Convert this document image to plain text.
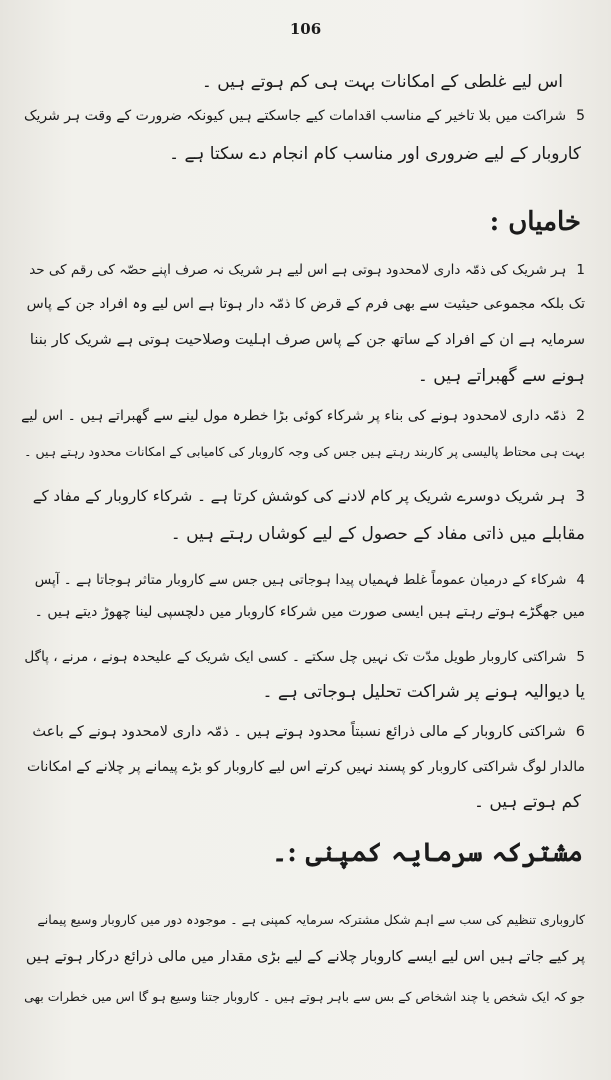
106
اس لیے غلطی کے امکانات بہت ہی کم ہوتے ہیں ۔
5شراکت میں بلا تاخیر کے مناسب اقدامات کیے جاسکتے ہیں کیونکہ ضرورت کے وقت ہر شریک
کاروبار کے لیے ضروری اور مناسب کام انجام دے سکتا ہے ۔
خامیاں :
1ہر شریک کی ذمّہ داری لامحدود ہوتی ہے اس لیے ہر شریک نہ صرف اپنے حصّہ کی رقم کی حد
تک بلکہ مجموعی حیثیت سے بھی فرم کے قرض کا ذمّہ دار ہوتا ہے اس لیے وہ افراد جن کے پاس
سرمایہ ہے ان کے افراد کے ساتھ جن کے پاس صرف اہلیت وصلاحیت ہوتی ہے شریک کار بننا
ہونے سے گھبراتے ہیں ۔
2ذمّہ داری لامحدود ہونے کی بناء پر شرکاء کوئی بڑا خطرہ مول لینے سے گھبراتے ہیں ۔ اس لیے
بہت ہی محتاط پالیسی پر کاربند رہتے ہیں جس کی وجہ کاروبار کی کامیابی کے امکانات محدود رہتے ہیں ۔
3ہر شریک دوسرے شریک پر کام لادنے کی کوشش کرتا ہے ۔ شرکاء کاروبار کے مفاد کے
مقابلے میں ذاتی مفاد کے حصول کے لیے کوشاں رہتے ہیں ۔
4شرکاء کے درمیان عموماً غلط فہمیاں پیدا ہوجاتی ہیں جس سے کاروبار متاثر ہوجاتا ہے ۔ آپس
میں جھگڑے ہوتے رہتے ہیں ایسی صورت میں شرکاء کاروبار میں دلچسپی لینا چھوڑ دیتے ہیں ۔
5شراکتی کاروبار طویل مدّت تک نہیں چل سکتے ۔ کسی ایک شریک کے علیحدہ ہونے ، مرنے ، پاگل
یا دیوالیہ ہونے پر شراکت تحلیل ہوجاتی ہے ۔
6شراکتی کاروبار کے مالی ذرائع نسبتاً محدود ہوتے ہیں ۔ ذمّہ داری لامحدود ہونے کے باعث
مالدار لوگ شراکتی کاروبار کو پسند نہیں کرتے اس لیے کاروبار کو بڑے پیمانے پر چلانے کے امکانات
کم ہوتے ہیں ۔
مشترکہ سرمایہ کمپنی :۔
کاروباری تنظیم کی سب سے اہم شکل مشترکہ سرمایہ کمپنی ہے ۔ موجودہ دور میں کاروبار وسیع پیمانے
پر کیے جاتے ہیں اس لیے ایسے کاروبار چلانے کے لیے بڑی مقدار میں مالی ذرائع درکار ہوتے ہیں
جو کہ ایک شخص یا چند اشخاص کے بس سے باہر ہوتے ہیں ۔ کاروبار جتنا وسیع ہو گا اس میں خطرات بھی
